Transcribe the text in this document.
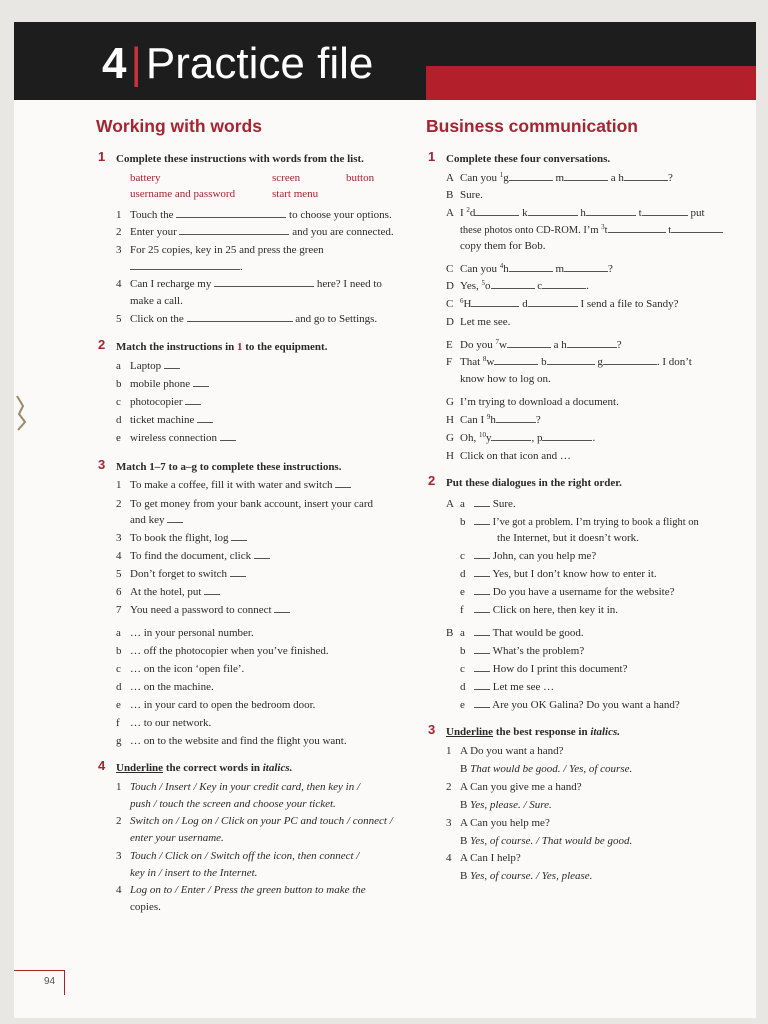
4|Practice file
Working with words
1 Complete these instructions with words from the list.
battery	screen	button
username and password	start menu
1 Touch the	to choose your options.
2 Enter your	and you are connected.
3 For 25 copies, key in 25 and press the green
.
4 Can I recharge my	here? I need to
make a call.
5 Click on the	and go to Settings.
2 Match the instructions in 1 to the equipment.
a Laptop
b mobile phone
c photocopier
d ticket machine
e wireless connection
3 Match 1–7 to a–g to complete these instructions.
1 To make a coffee, fill it with water and switch
2 To get money from your bank account, insert your card
and key
3 To book the flight, log
4 To find the document, click
5 Don’t forget to switch
6 At the hotel, put
7 You need a password to connect
a … in your personal number.
b … off the photocopier when you’ve finished.
c … on the icon ‘open file’.
d … on the machine.
e … in your card to open the bedroom door.
f … to our network.
g … on to the website and find the flight you want.
4 Underline the correct words in italics.
1 Touch / Insert / Key in your credit card, then key in /
push / touch the screen and choose your ticket.
2 Switch on / Log on / Click on your PC and touch / connect /
enter your username.
3 Touch / Click on / Switch off the icon, then connect /
key in / insert to the Internet.
4 Log on to / Enter / Press the green button to make the
copies.
Business communication
1 Complete these four conversations.
A Can you $^1$g	m	a h	?
B Sure.
A I $^2$d	k	h	t	put
these photos onto CD-ROM. I’m $^3$t	t
copy them for Bob.
C Can you $^4$h	m	?
D Yes, $^5$o	c	.
C $^6$H	d	I send a file to Sandy?
D Let me see.
E Do you $^7$w	a h	?
F That $^8$w	b	g	. I don’t
know how to log on.
G I’m trying to download a document.
H Can I $^9$h	?
G Oh, $^{10}$y	, p	.
H Click on that icon and …
2 Put these dialogues in the right order.
A a	Sure.
b	I’ve got a problem. I’m trying to book a flight on
the Internet, but it doesn’t work.
c	John, can you help me?
d	Yes, but I don’t know how to enter it.
e	Do you have a username for the website?
f	Click on here, then key it in.
B a	That would be good.
b	What’s the problem?
c	How do I print this document?
d	Let me see …
e	Are you OK Galina? Do you want a hand?
3 Underline the best response in italics.
1 A Do you want a hand?
B That would be good. / Yes, of course.
2 A Can you give me a hand?
B Yes, please. / Sure.
3 A Can you help me?
B Yes, of course. / That would be good.
4 A Can I help?
B Yes, of course. / Yes, please.
94
